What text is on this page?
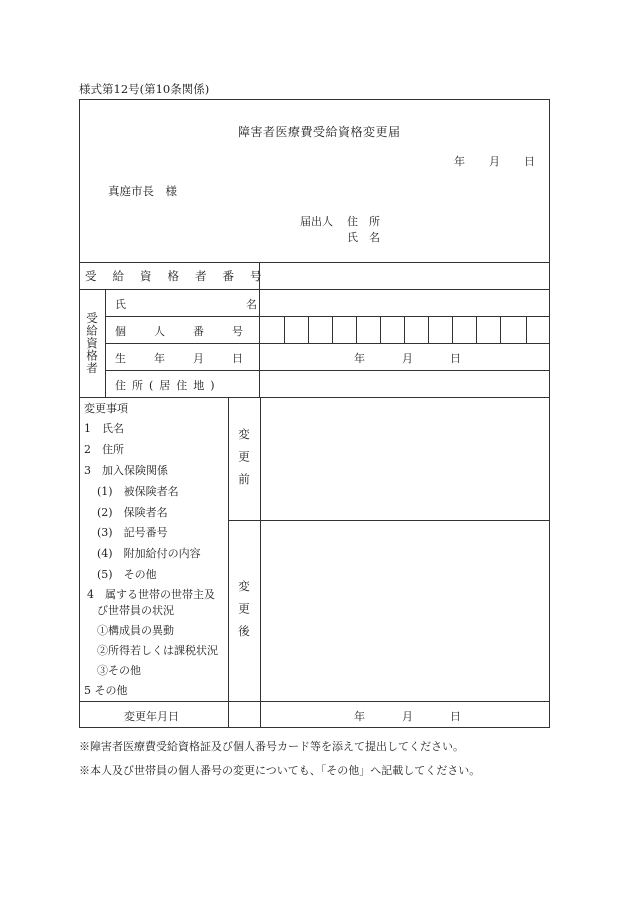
様式第12号(第10条関係)
障害者医療費受給資格変更届
年 月 日
真庭市長　様
届出人 住　所
氏　名
受給資格者番号
受給資格者
氏名
個人番号
生年月日	年	月	日
住所(居住地)
変更事項
1　氏名
2　住所
3　加入保険関係
(1)　被保険者名
(2)　保険者名
(3)　記号番号
(4)　附加給付の内容
(5)　その他
4　属する世帯の世帯主及
び世帯員の状況
①構成員の異動
②所得若しくは課税状況
③その他
5 その他
変更前
変更後
変更年月日	年	月	日
※障害者医療費受給資格証及び個人番号カード等を添えて提出してください。
※本人及び世帯員の個人番号の変更についても、「その他」へ記載してください。
